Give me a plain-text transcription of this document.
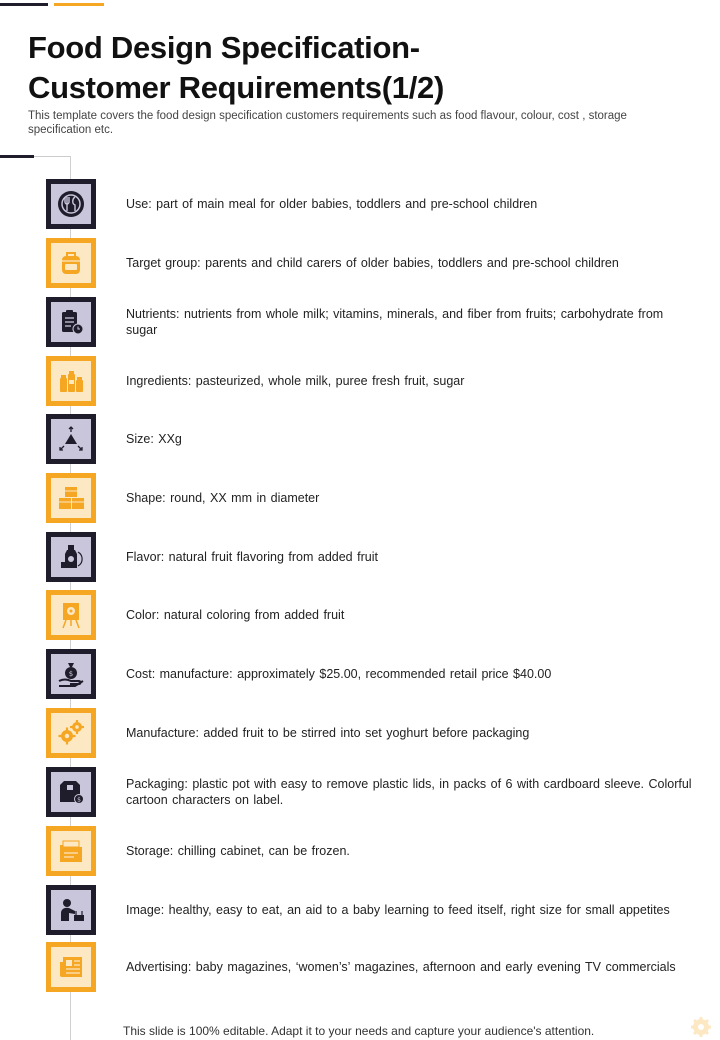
Food Design Specification-
Customer Requirements(1/2)

This template covers the food design specification customers requirements such as food flavour, colour, cost , storage specification etc.

Use: part of main meal for older babies, toddlers and pre-school children
Target group: parents and child carers of older babies, toddlers and pre-school children
Nutrients: nutrients from whole milk; vitamins, minerals, and fiber from fruits; carbohydrate from sugar
Ingredients: pasteurized, whole milk, puree fresh fruit, sugar
Size: XXg
Shape: round, XX mm in diameter
Flavor: natural fruit flavoring from added fruit
Color: natural coloring from added fruit
$	Cost: manufacture: approximately $25.00, recommended retail price $40.00
Manufacture: added fruit to be stirred into set yoghurt before packaging
$
Packaging: plastic pot with easy to remove plastic lids, in packs of 6 with cardboard sleeve. Colorful cartoon characters on label.
Storage: chilling cabinet, can be frozen.
Image: healthy, easy to eat, an aid to a baby learning to feed itself, right size for small appetites
Advertising: baby magazines, ‘women’s’ magazines, afternoon and early evening TV commercials
This slide is 100% editable. Adapt it to your needs and capture your audience's attention.
